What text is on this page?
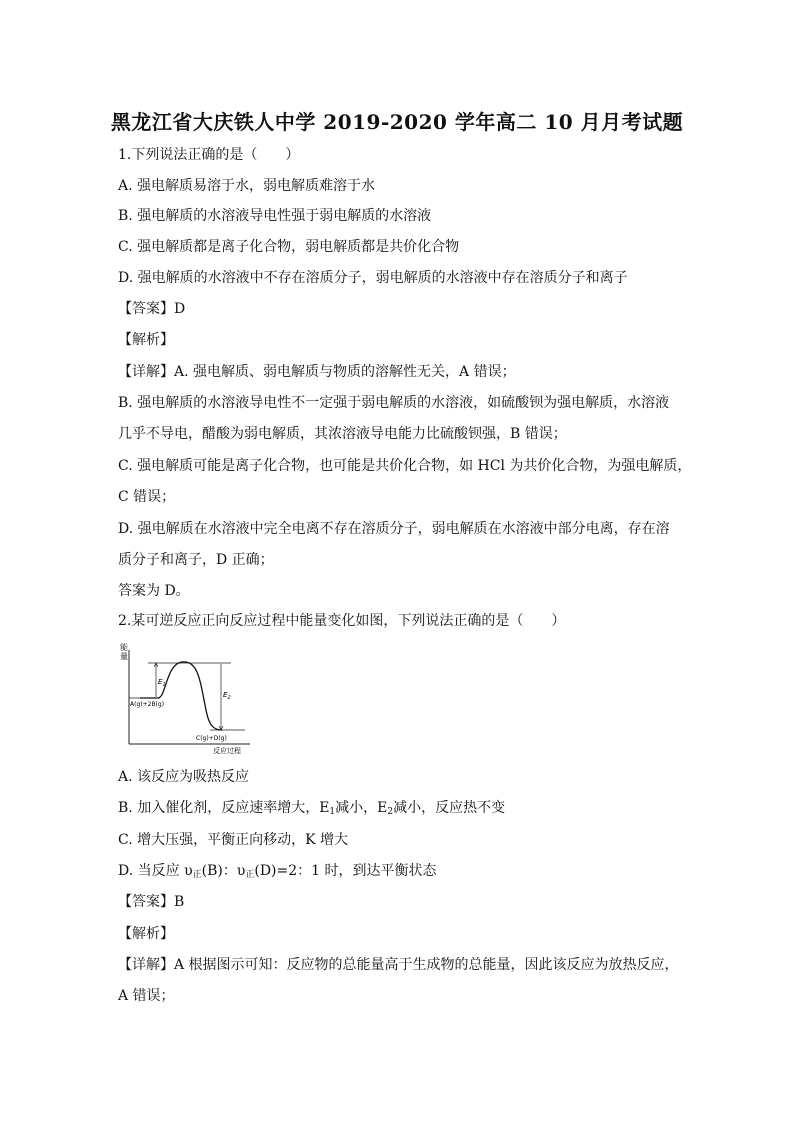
黑龙江省大庆铁人中学 2019-2020 学年高二 10 月月考试题
1.下列说法正确的是（　　）
A. 强电解质易溶于水，弱电解质难溶于水
B. 强电解质的水溶液导电性强于弱电解质的水溶液
C. 强电解质都是离子化合物，弱电解质都是共价化合物
D. 强电解质的水溶液中不存在溶质分子，弱电解质的水溶液中存在溶质分子和离子
【答案】D
【解析】
【详解】A. 强电解质、弱电解质与物质的溶解性无关，A 错误；
B. 强电解质的水溶液导电性不一定强于弱电解质的水溶液，如硫酸钡为强电解质，水溶液
几乎不导电，醋酸为弱电解质，其浓溶液导电能力比硫酸钡强，B 错误；
C. 强电解质可能是离子化合物，也可能是共价化合物，如 HCl 为共价化合物，为强电解质，
C 错误；
D. 强电解质在水溶液中完全电离不存在溶质分子，弱电解质在水溶液中部分电离，存在溶
质分子和离子，D 正确；
答案为 D。
2.某可逆反应正向反应过程中能量变化如图，下列说法正确的是（　　）
能
量
$E_1$
$E_2$
A(g)+2B(g)
C(g)+D(g)
反应过程
A. 该反应为吸热反应
B. 加入催化剂，反应速率增大，$E_1$减小，$E_2$减小，反应热不变
C. 增大压强，平衡正向移动，K 增大
D. 当反应 $\upsilon_正(B)$：$\upsilon_正(D)=2$：1 时，到达平衡状态
【答案】B
【解析】
【详解】A 根据图示可知：反应物的总能量高于生成物的总能量，因此该反应为放热反应，
A 错误；
